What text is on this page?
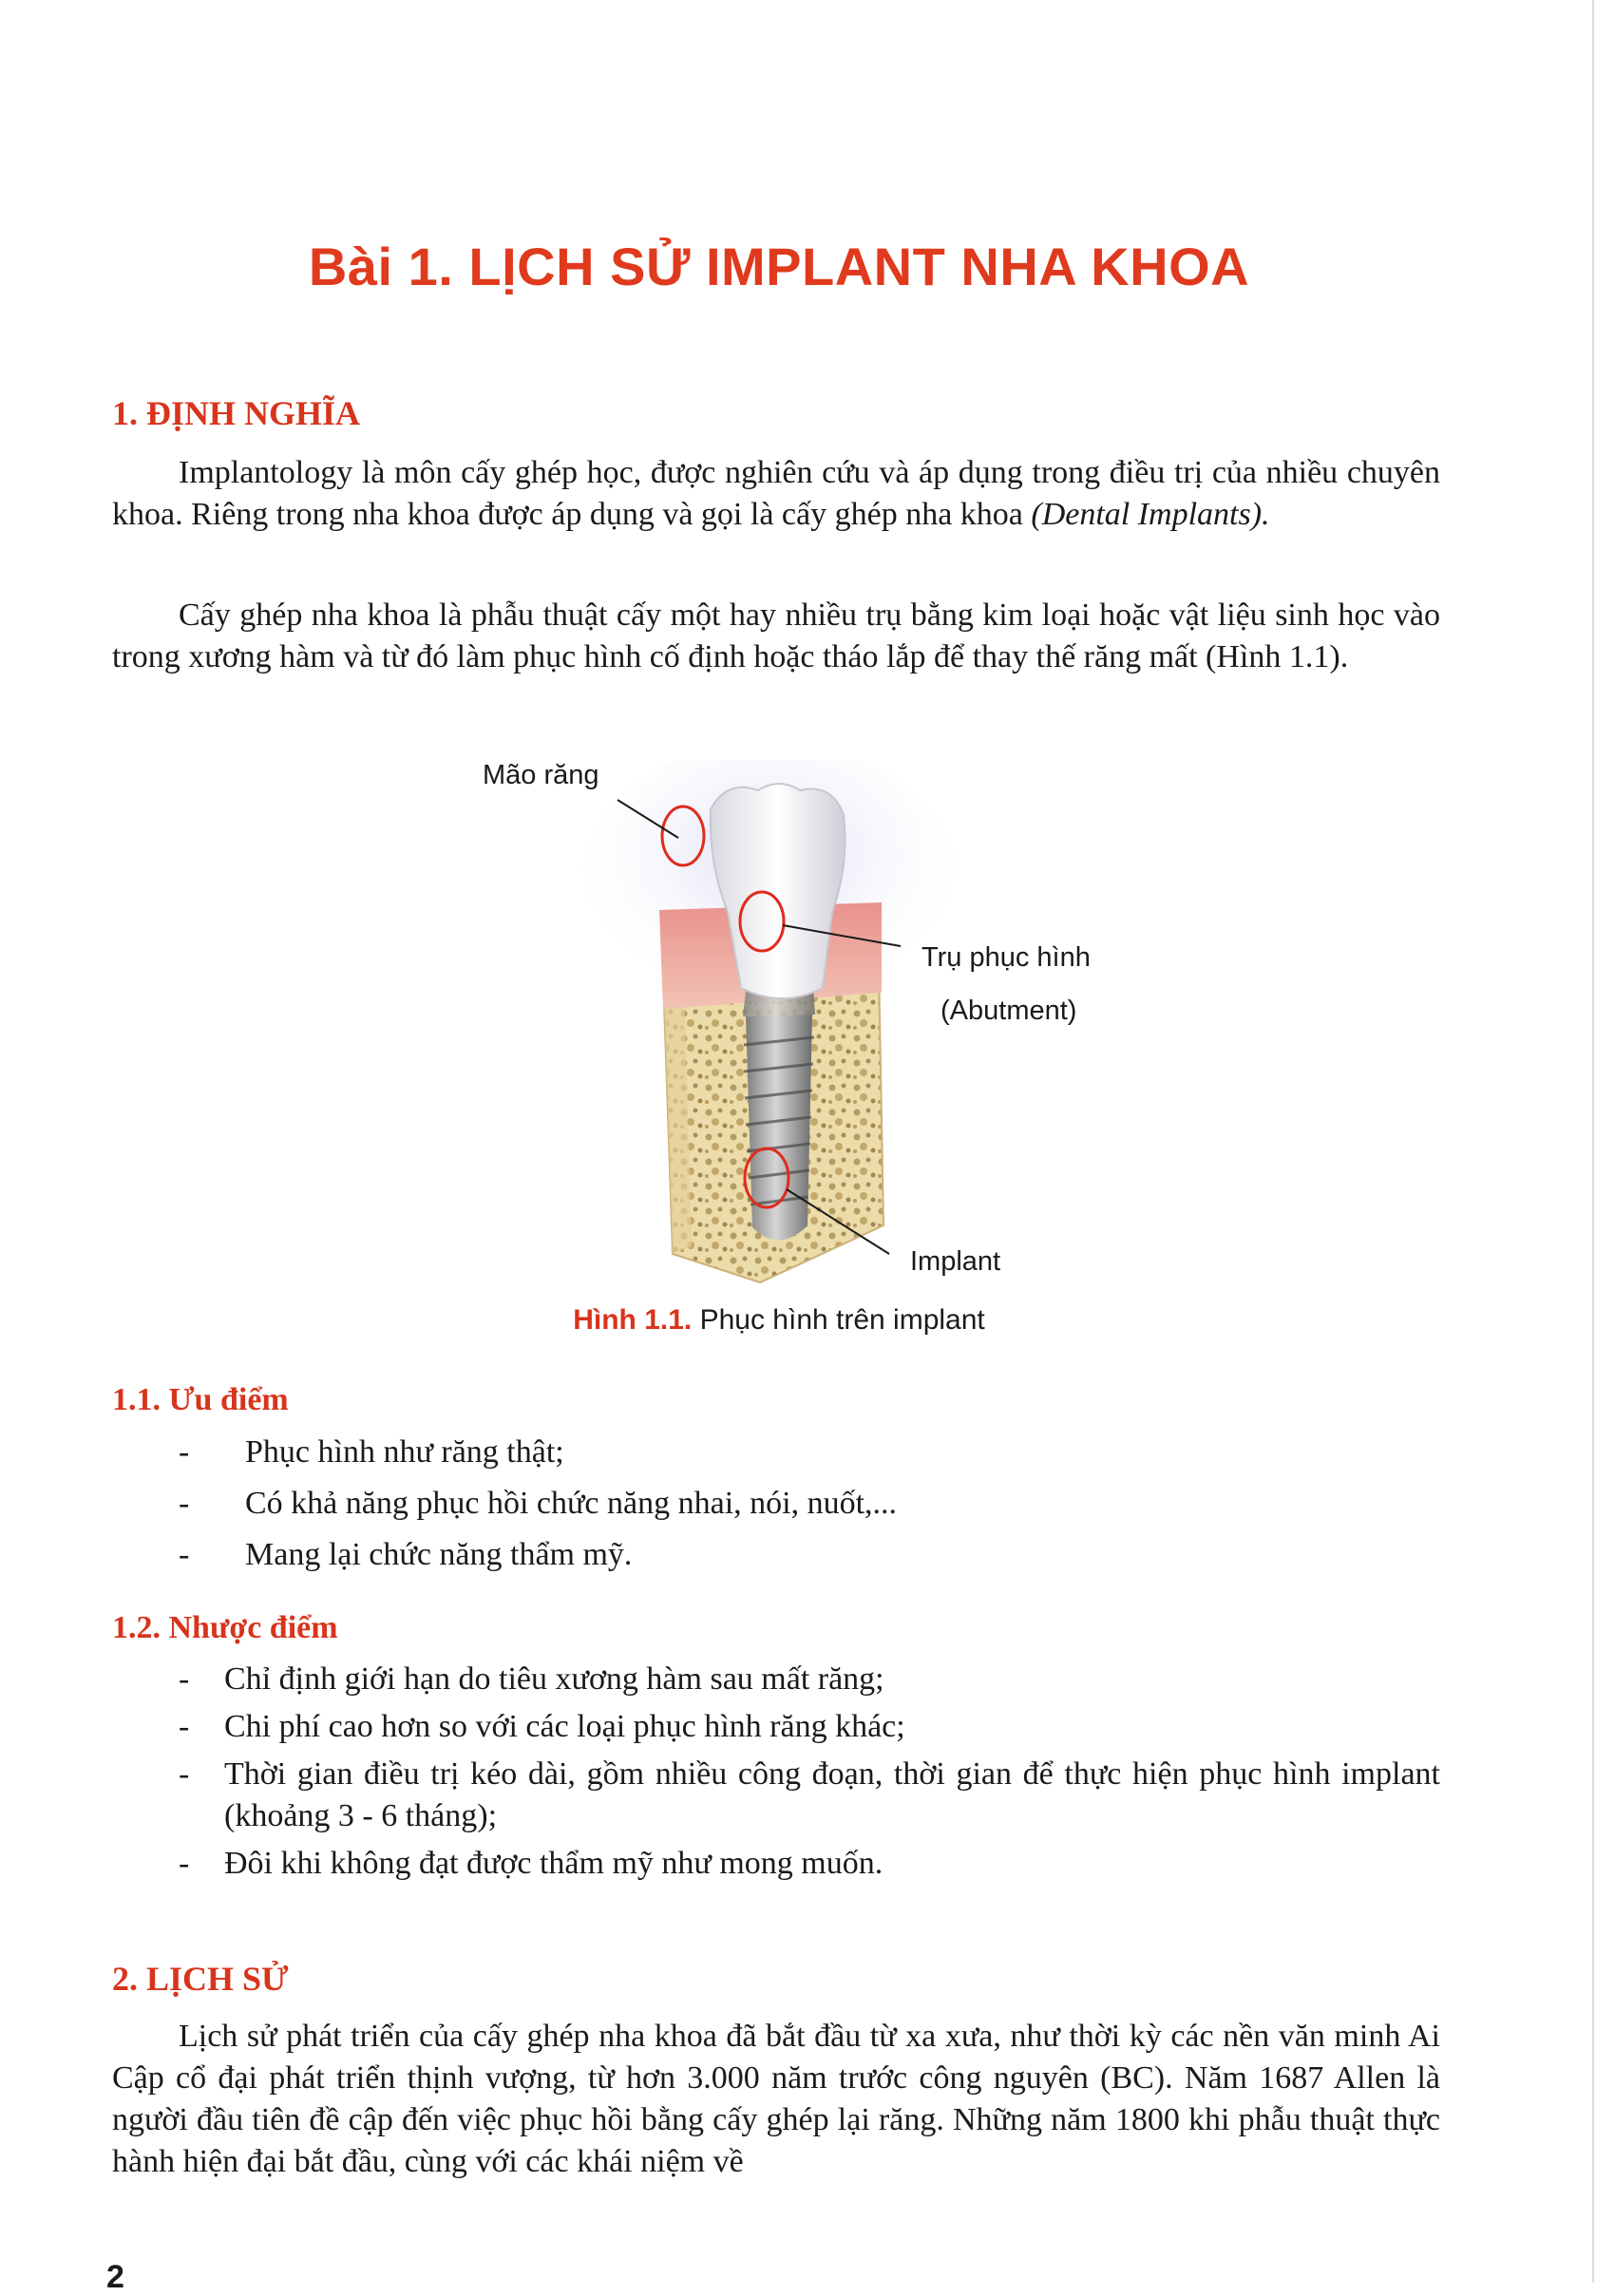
Bài 1. LỊCH SỬ IMPLANT NHA KHOA
1. ĐỊNH NGHĨA

Implantology là môn cấy ghép học, được nghiên cứu và áp dụng trong điều trị của nhiều chuyên khoa. Riêng trong nha khoa được áp dụng và gọi là cấy ghép nha khoa (Dental Implants).

Cấy ghép nha khoa là phẫu thuật cấy một hay nhiều trụ bằng kim loại hoặc vật liệu sinh học vào trong xương hàm và từ đó làm phục hình cố định hoặc tháo lắp để thay thế răng mất (Hình 1.1).

Mão răng
Trụ phục hình
(Abutment)
Implant
Hình 1.1. Phục hình trên implant
1.1. Ưu điểm
- Phục hình như răng thật;
- Có khả năng phục hồi chức năng nhai, nói, nuốt,...
- Mang lại chức năng thẩm mỹ.
1.2. Nhược điểm
- Chỉ định giới hạn do tiêu xương hàm sau mất răng;
- Chi phí cao hơn so với các loại phục hình răng khác;
- Thời gian điều trị kéo dài, gồm nhiều công đoạn, thời gian để thực hiện phục hình implant (khoảng 3 - 6 tháng);
- Đôi khi không đạt được thẩm mỹ như mong muốn.
2. LỊCH SỬ

Lịch sử phát triển của cấy ghép nha khoa đã bắt đầu từ xa xưa, như thời kỳ các nền văn minh Ai Cập cổ đại phát triển thịnh vượng, từ hơn 3.000 năm trước công nguyên (BC). Năm 1687 Allen là người đầu tiên đề cập đến việc phục hồi bằng cấy ghép lại răng. Những năm 1800 khi phẫu thuật thực hành hiện đại bắt đầu, cùng với các khái niệm về

2
